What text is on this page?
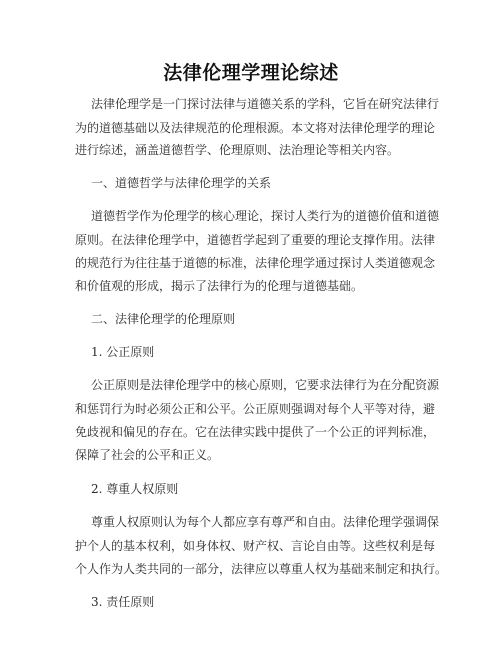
法律伦理学理论综述
法律伦理学是一门探讨法律与道德关系的学科，它旨在研究法律行
为的道德基础以及法律规范的伦理根源。本文将对法律伦理学的理论
进行综述，涵盖道德哲学、伦理原则、法治理论等相关内容。
一、道德哲学与法律伦理学的关系
道德哲学作为伦理学的核心理论，探讨人类行为的道德价值和道德
原则。在法律伦理学中，道德哲学起到了重要的理论支撑作用。法律
的规范行为往往基于道德的标准，法律伦理学通过探讨人类道德观念
和价值观的形成，揭示了法律行为的伦理与道德基础。
二、法律伦理学的伦理原则
1. 公正原则
公正原则是法律伦理学中的核心原则，它要求法律行为在分配资源
和惩罚行为时必须公正和公平。公正原则强调对每个人平等对待，避
免歧视和偏见的存在。它在法律实践中提供了一个公正的评判标准，
保障了社会的公平和正义。
2. 尊重人权原则
尊重人权原则认为每个人都应享有尊严和自由。法律伦理学强调保
护个人的基本权利，如身体权、财产权、言论自由等。这些权利是每
个人作为人类共同的一部分，法律应以尊重人权为基础来制定和执行。
3. 责任原则
